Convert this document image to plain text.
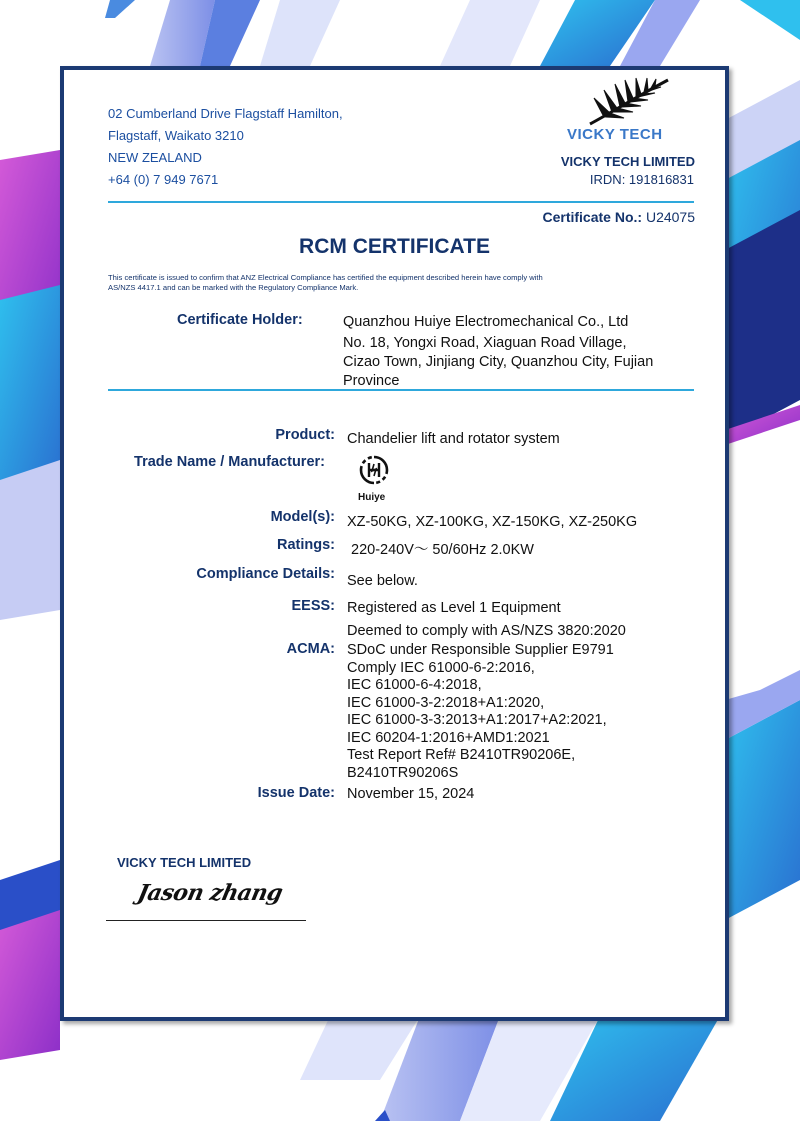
02 Cumberland Drive Flagstaff Hamilton,
Flagstaff, Waikato 3210
NEW ZEALAND
+64 (0) 7 949 7671
VICKY TECH
VICKY TECH LIMITED
IRDN: 191816831
Certificate No.: U24075
RCM CERTIFICATE
This certificate is issued to confirm that ANZ Electrical Compliance has certified the equipment described herein have comply with
AS/NZS 4417.1 and can be marked with the Regulatory Compliance Mark.
Certificate Holder:	Quanzhou Huiye Electromechanical Co., Ltd
No. 18, Yongxi Road, Xiaguan Road Village,
Cizao Town, Jinjiang City, Quanzhou City, Fujian
Province
Product: Chandelier lift and rotator system
Trade Name / Manufacturer:
Huiye
Model(s): XZ-50KG, XZ-100KG, XZ-150KG, XZ-250KG
Ratings: 220-240V～ 50/60Hz 2.0KW
Compliance Details: See below.
EESS: Registered as Level 1 Equipment
Deemed to comply with AS/NZS 3820:2020
ACMA: SDoC under Responsible Supplier E9791
Comply IEC 61000-6-2:2016,
IEC 61000-6-4:2018,
IEC 61000-3-2:2018+A1:2020,
IEC 61000-3-3:2013+A1:2017+A2:2021,
IEC 60204-1:2016+AMD1:2021
Test Report Ref# B2410TR90206E,
B2410TR90206S
Issue Date: November 15, 2024
VICKY TECH LIMITED
Jason zhang
